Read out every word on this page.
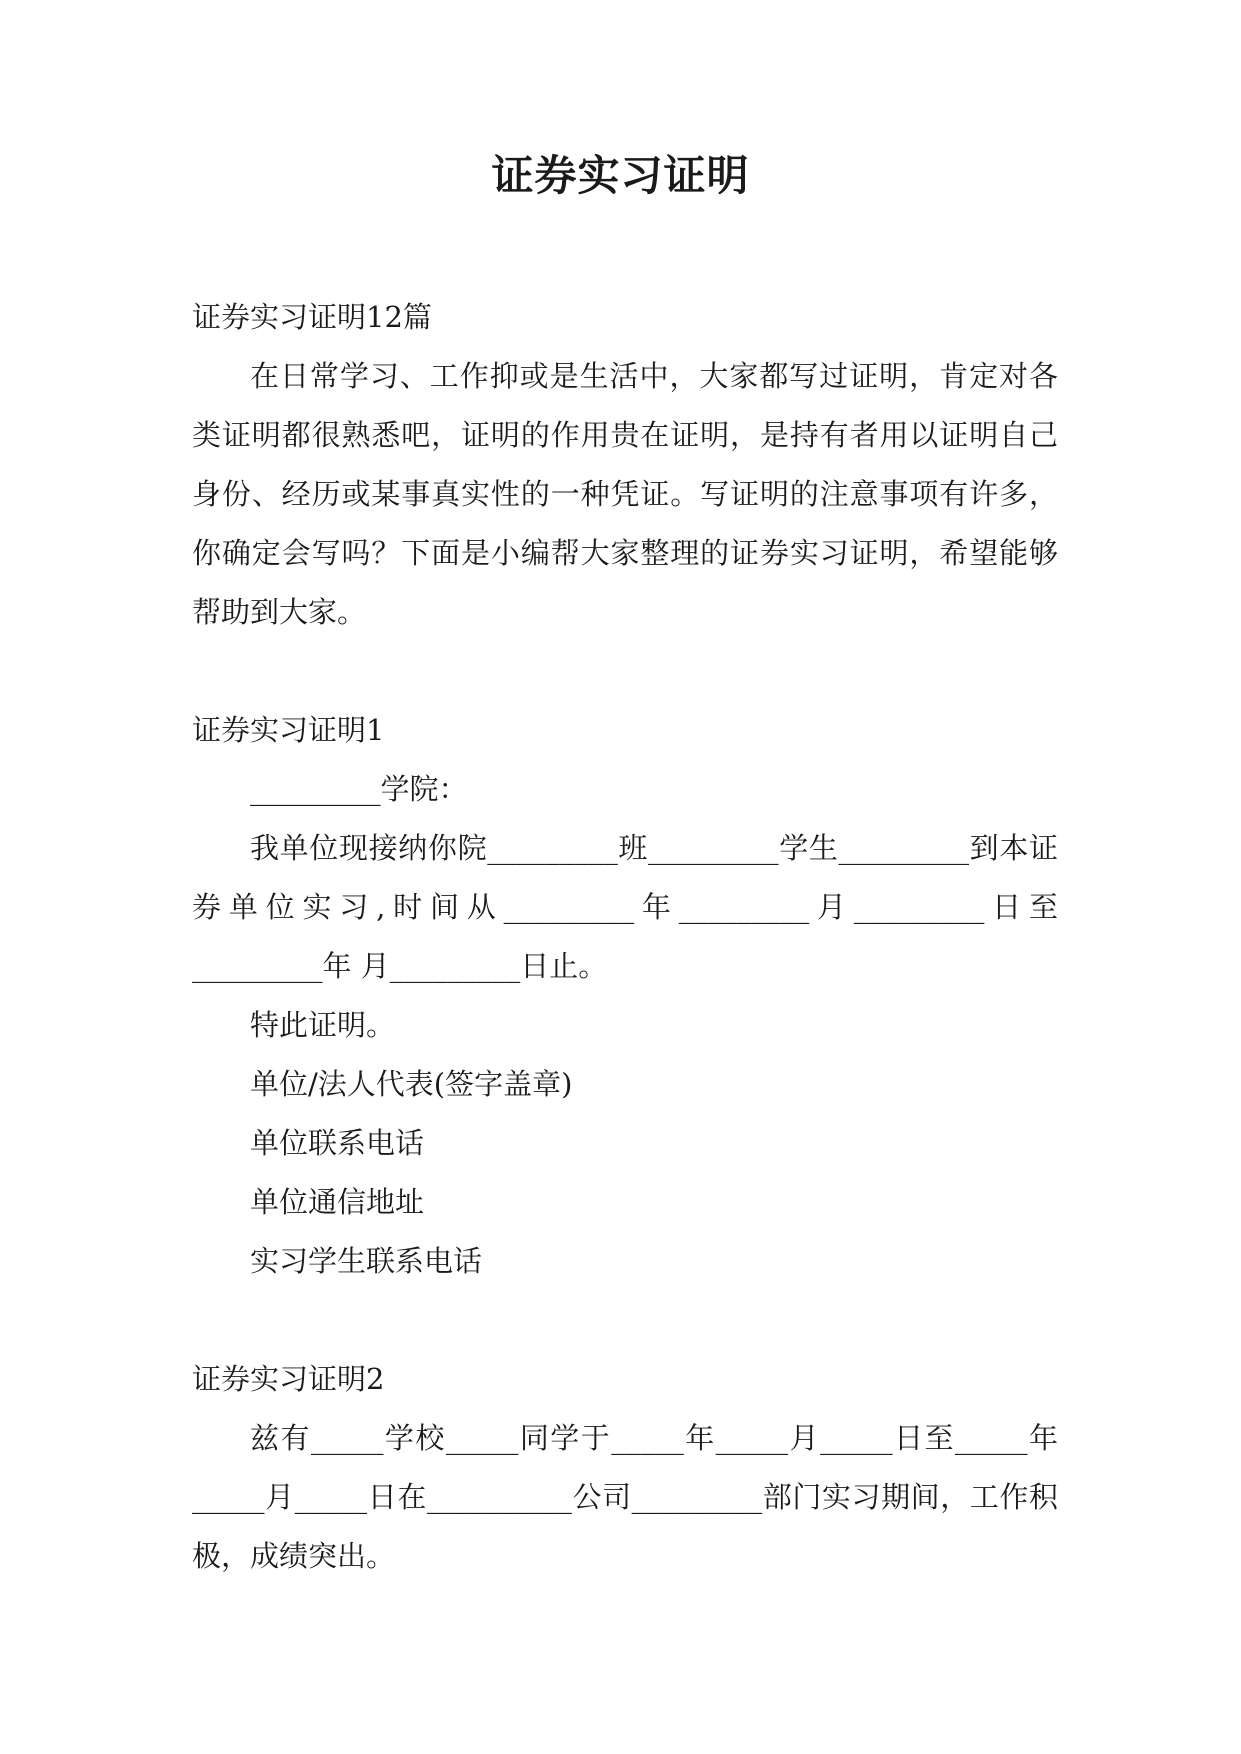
证券实习证明

证券实习证明12篇

在日常学习、工作抑或是生活中，大家都写过证明，肯定对各类证明都很熟悉吧，证明的作用贵在证明，是持有者用以证明自己身份、经历或某事真实性的一种凭证。写证明的注意事项有许多，你确定会写吗？下面是小编帮大家整理的证券实习证明，希望能够帮助到大家。

证券实习证明1

_________学院：

我单位现接纳你院_________班_________学生_________到本证券单位实习,时间从_________年_________月_________日至_________年 月_________日止。

特此证明。

单位/法人代表(签字盖章)

单位联系电话

单位通信地址

实习学生联系电话

证券实习证明2

兹有_____学校_____同学于_____年_____月_____日至_____年_____月_____日在__________公司_________部门实习期间，工作积极，成绩突出。
